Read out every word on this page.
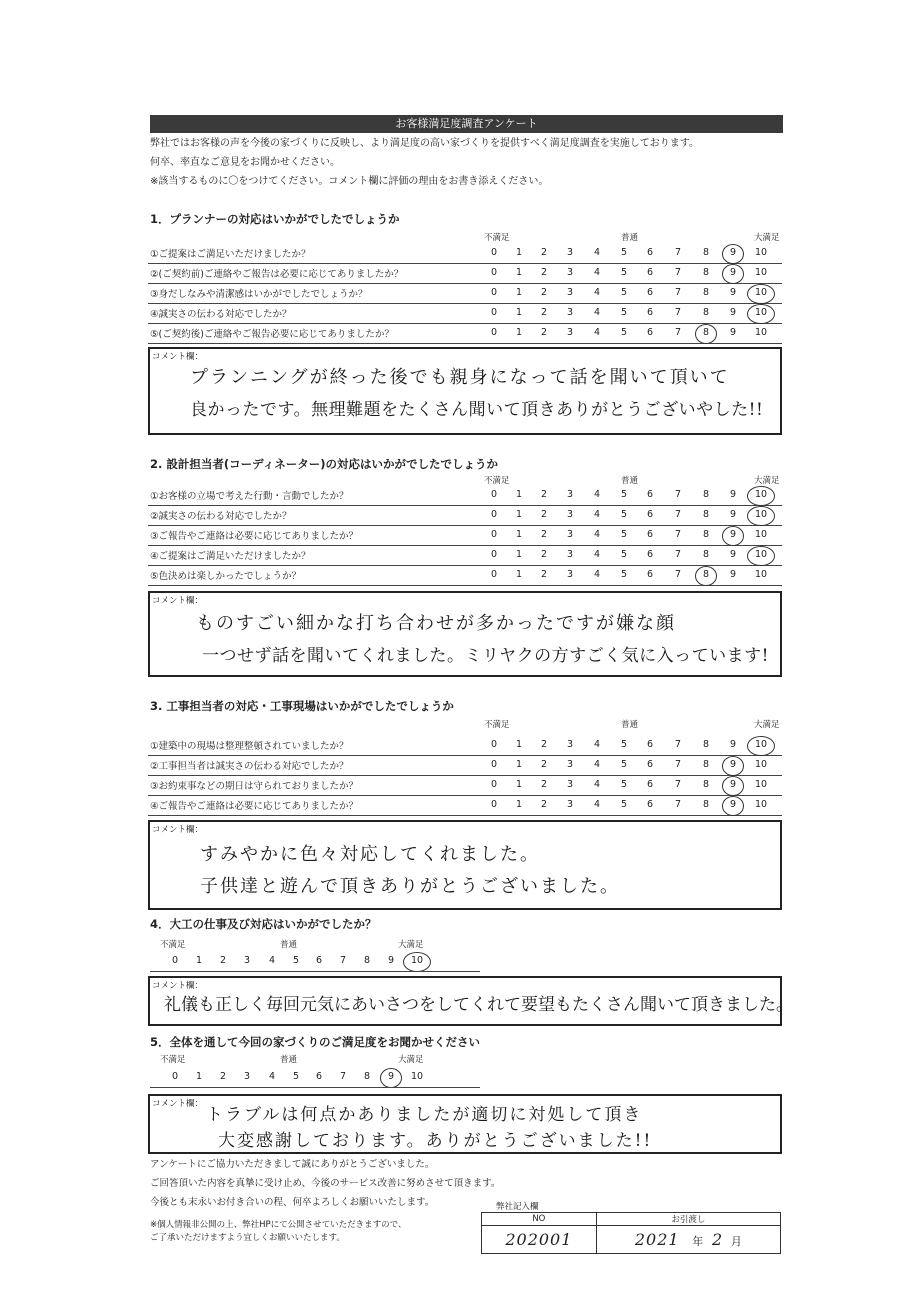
お客様満足度調査アンケート
弊社ではお客様の声を今後の家づくりに反映し、より満足度の高い家づくりを提供すべく満足度調査を実施しております。
何卒、率直なご意見をお聞かせください。
※該当するものに〇をつけてください。コメント欄に評価の理由をお書き添えください。
1．プランナーの対応はいかがでしたでしょうか
不満足	普通	大満足
①ご提案はご満足いただけましたか？	0	1	2	3	4	5	6	7	8	9	10
②(ご契約前)ご連絡やご報告は必要に応じてありましたか？	0	1	2	3	4	5	6	7	8	9	10
③身だしなみや清潔感はいかがでしたでしょうか？	0	1	2	3	4	5	6	7	8	9	10
④誠実さの伝わる対応でしたか？	0	1	2	3	4	5	6	7	8	9	10
⑤(ご契約後)ご連絡やご報告必要に応じてありましたか？	0	1	2	3	4	5	6	7	8	9	10
コメント欄：
プランニングが終った後でも親身になって話を聞いて頂いて
良かったです。無理難題をたくさん聞いて頂きありがとうございやした!!
2. 設計担当者(コーディネーター)の対応はいかがでしたでしょうか
不満足	普通	大満足
①お客様の立場で考えた行動・言動でしたか？	0	1	2	3	4	5	6	7	8	9	10
②誠実さの伝わる対応でしたか？	0	1	2	3	4	5	6	7	8	9	10
③ご報告やご連絡は必要に応じてありましたか？	0	1	2	3	4	5	6	7	8	9	10
④ご提案はご満足いただけましたか？	0	1	2	3	4	5	6	7	8	9	10
⑤色決めは楽しかったでしょうか？	0	1	2	3	4	5	6	7	8	9	10
コメント欄：
ものすごい細かな打ち合わせが多かったですが嫌な顔
一つせず話を聞いてくれました。ミリヤクの方すごく気に入っています!
3. 工事担当者の対応・工事現場はいかがでしたでしょうか
不満足	普通	大満足
①建築中の現場は整理整頓されていましたか？	0	1	2	3	4	5	6	7	8	9	10
②工事担当者は誠実さの伝わる対応でしたか？	0	1	2	3	4	5	6	7	8	9	10
③お約束事などの期日は守られておりましたか？	0	1	2	3	4	5	6	7	8	9	10
④ご報告やご連絡は必要に応じてありましたか？	0	1	2	3	4	5	6	7	8	9	10
コメント欄：
すみやかに色々対応してくれました。
子供達と遊んで頂きありがとうございました。
4．大工の仕事及び対応はいかがでしたか？
不満足	普通	大満足
0	1	2	3	4	5	6	7	8	9	10
コメント欄：
礼儀も正しく毎回元気にあいさつをしてくれて要望もたくさん聞いて頂きました。
5．全体を通して今回の家づくりのご満足度をお聞かせください
不満足	普通	大満足
0	1	2	3	4	5	6	7	8	9	10
コメント欄：
トラブルは何点かありましたが適切に対処して頂き
大変感謝しております。ありがとうございました!!
アンケートにご協力いただきまして誠にありがとうございました。
ご回答頂いた内容を真摯に受け止め、今後のサービス改善に努めさせて頂きます。
今後とも末永いお付き合いの程、何卒よろしくお願いいたします。
※個人情報非公開の上、弊社HPにて公開させていただきますので、
ご了承いただけますよう宜しくお願いいたします。
弊社記入欄
NO	お引渡し
202001	2021 年 2 月
